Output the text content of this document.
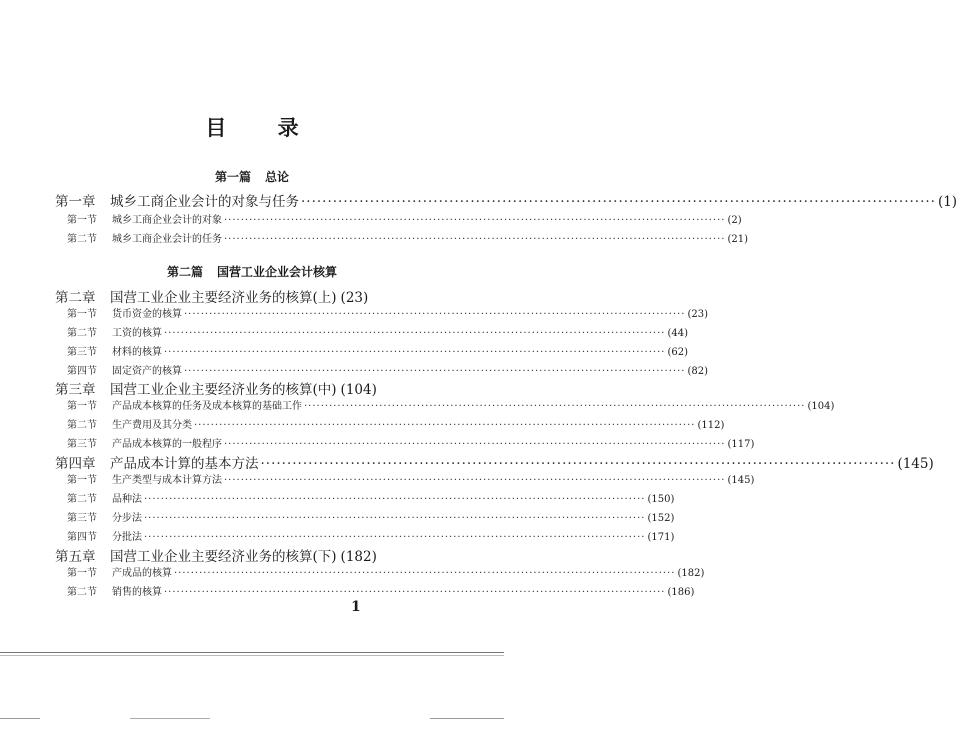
目 录
第一篇 总论
第二篇 国营工业企业会计核算
第一章	城乡工商企业会计的对象与任务 ························································································································ (1)
第一节	城乡工商企业会计的对象 ························································································································ (2)
第二节	城乡工商企业会计的任务 ························································································································ (21)
第二章	国营工业企业主要经济业务的核算(上) (23)
第一节	货币资金的核算 ························································································································ (23)
第二节	工资的核算 ························································································································ (44)
第三节	材料的核算 ························································································································ (62)
第四节	固定资产的核算 ························································································································ (82)
第三章	国营工业企业主要经济业务的核算(中) (104)
第一节	产品成本核算的任务及成本核算的基础工作 ························································································································ (104)
第二节	生产费用及其分类 ························································································································ (112)
第三节	产品成本核算的一般程序 ························································································································ (117)
第四章	产品成本计算的基本方法 ························································································································ (145)
第一节	生产类型与成本计算方法 ························································································································ (145)
第二节	品种法 ························································································································ (150)
第三节	分步法 ························································································································ (152)
第四节	分批法 ························································································································ (171)
第五章	国营工业企业主要经济业务的核算(下) (182)
第一节	产成品的核算 ························································································································ (182)
第二节	销售的核算 ························································································································ (186)
1
